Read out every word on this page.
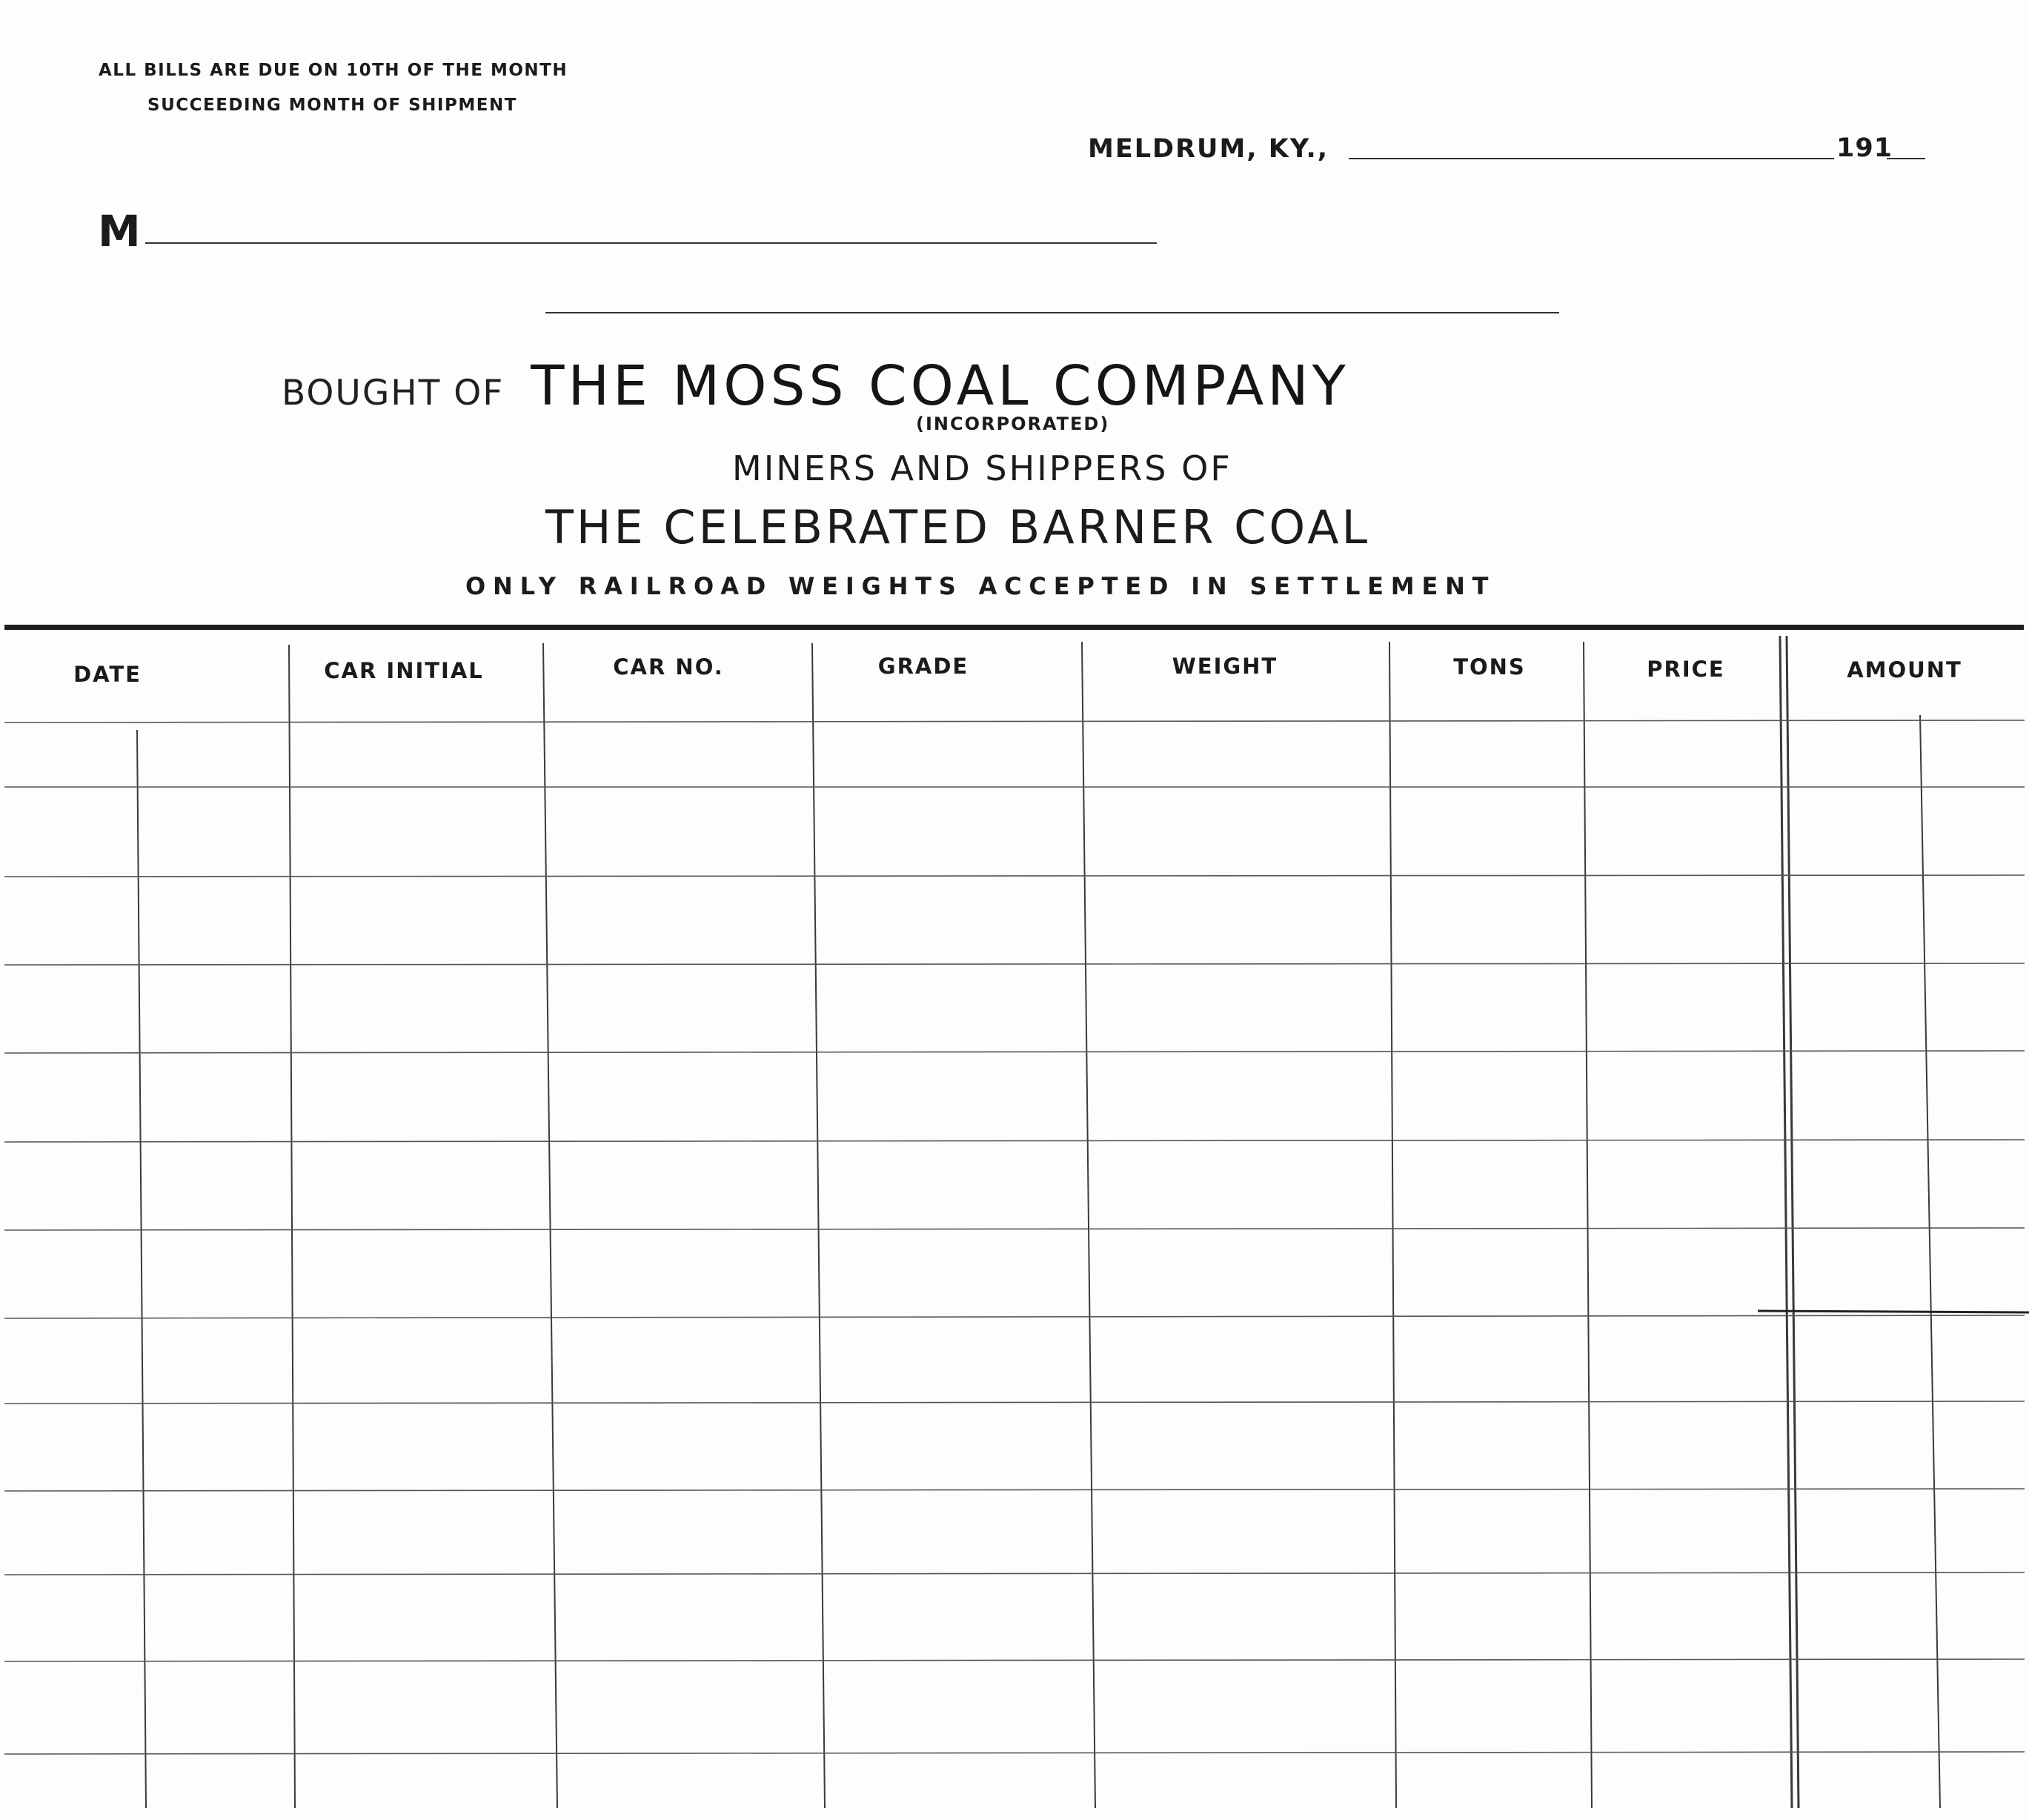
ALL BILLS ARE DUE ON 10TH OF THE MONTH
SUCCEEDING MONTH OF SHIPMENT
MELDRUM, KY.,	191
M
BOUGHT OF THE MOSS COAL COMPANY
(INCORPORATED)
MINERS AND SHIPPERS OF
THE CELEBRATED BARNER COAL
ONLY RAILROAD WEIGHTS ACCEPTED IN SETTLEMENT
DATE	CAR INITIAL	CAR NO.	GRADE	WEIGHT	TONS	PRICE	AMOUNT
